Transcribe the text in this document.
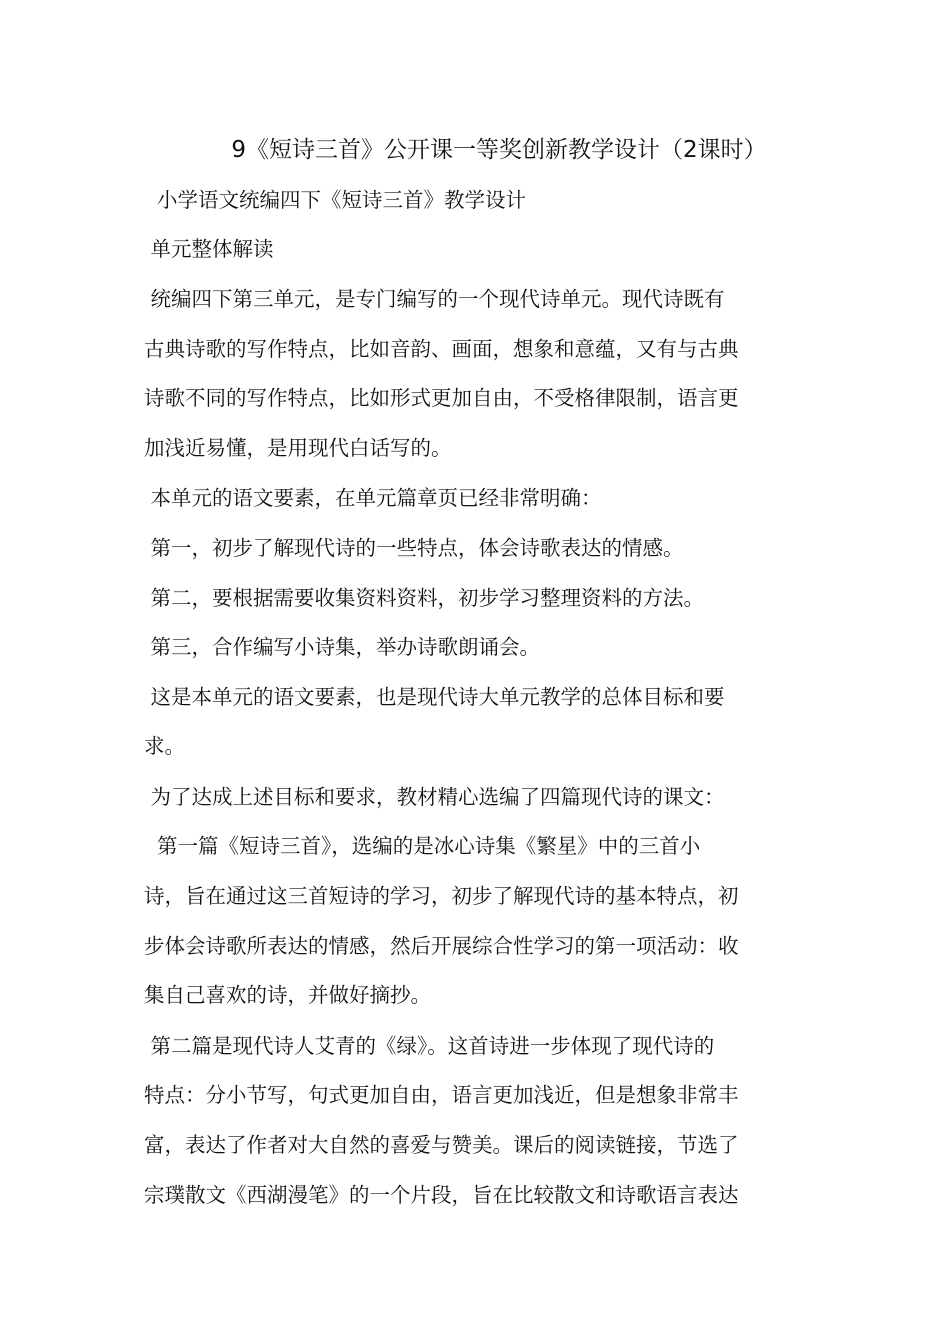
9《短诗三首》公开课一等奖创新教学设计（2课时）

小学语文统编四下《短诗三首》教学设计

单元整体解读

统编四下第三单元，是专门编写的一个现代诗单元。现代诗既有

古典诗歌的写作特点，比如音韵、画面，想象和意蕴，又有与古典

诗歌不同的写作特点，比如形式更加自由，不受格律限制，语言更

加浅近易懂，是用现代白话写的。

本单元的语文要素，在单元篇章页已经非常明确：

第一，初步了解现代诗的一些特点，体会诗歌表达的情感。

第二，要根据需要收集资料资料，初步学习整理资料的方法。

第三，合作编写小诗集，举办诗歌朗诵会。

这是本单元的语文要素，也是现代诗大单元教学的总体目标和要

求。

为了达成上述目标和要求，教材精心选编了四篇现代诗的课文：

第一篇《短诗三首》，选编的是冰心诗集《繁星》中的三首小

诗，旨在通过这三首短诗的学习，初步了解现代诗的基本特点，初

步体会诗歌所表达的情感，然后开展综合性学习的第一项活动：收

集自己喜欢的诗，并做好摘抄。

第二篇是现代诗人艾青的《绿》。这首诗进一步体现了现代诗的

特点：分小节写，句式更加自由，语言更加浅近，但是想象非常丰

富，表达了作者对大自然的喜爱与赞美。课后的阅读链接，节选了

宗璞散文《西湖漫笔》的一个片段，旨在比较散文和诗歌语言表达
